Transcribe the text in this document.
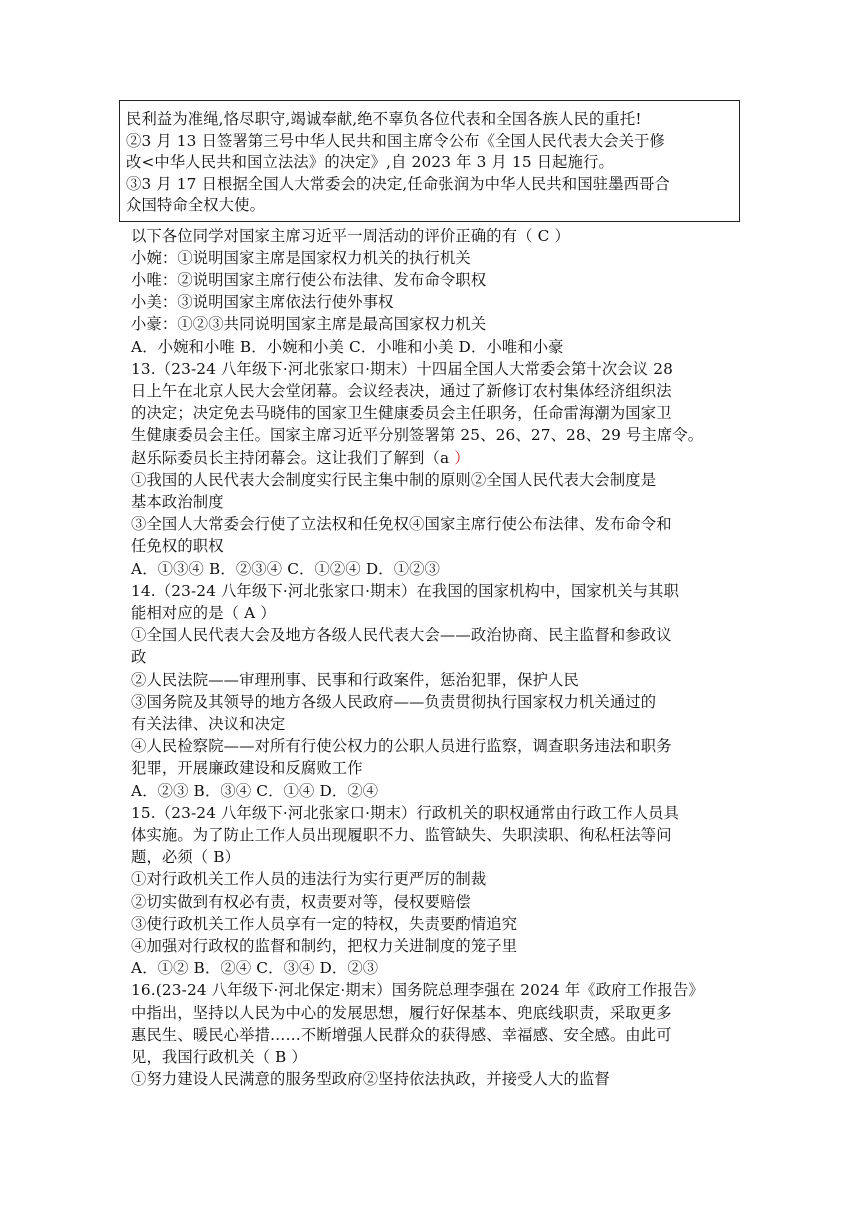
民利益为准绳,恪尽职守,竭诚奉献,绝不辜负各位代表和全国各族人民的重托!
②3 月 13 日签署第三号中华人民共和国主席令公布《全国人民代表大会关于修
改<中华人民共和国立法法》的决定》,自 2023 年 3 月 15 日起施行。
③3 月 17 日根据全国人大常委会的决定,任命张润为中华人民共和国驻墨西哥合
众国特命全权大使。
以下各位同学对国家主席习近平一周活动的评价正确的有（ C ）
小婉：①说明国家主席是国家权力机关的执行机关
小唯：②说明国家主席行使公布法律、发布命令职权
小美：③说明国家主席依法行使外事权
小豪：①②③共同说明国家主席是最高国家权力机关
A．小婉和小唯 B．小婉和小美 C．小唯和小美 D．小唯和小豪
13.（23-24 八年级下·河北张家口·期末）十四届全国人大常委会第十次会议 28
日上午在北京人民大会堂闭幕。会议经表决，通过了新修订农村集体经济组织法
的决定；决定免去马晓伟的国家卫生健康委员会主任职务，任命雷海潮为国家卫
生健康委员会主任。国家主席习近平分别签署第 25、26、27、28、29 号主席令。
赵乐际委员长主持闭幕会。这让我们了解到（a ）
①我国的人民代表大会制度实行民主集中制的原则②全国人民代表大会制度是
基本政治制度
③全国人大常委会行使了立法权和任免权④国家主席行使公布法律、发布命令和
任免权的职权
A．①③④ B．②③④ C．①②④ D．①②③
14.（23-24 八年级下·河北张家口·期末）在我国的国家机构中，国家机关与其职
能相对应的是（ A ）
①全国人民代表大会及地方各级人民代表大会——政治协商、民主监督和参政议
政
②人民法院——审理刑事、民事和行政案件，惩治犯罪，保护人民
③国务院及其领导的地方各级人民政府——负责贯彻执行国家权力机关通过的
有关法律、决议和决定
④人民检察院——对所有行使公权力的公职人员进行监察，调查职务违法和职务
犯罪，开展廉政建设和反腐败工作
A．②③ B．③④ C．①④ D．②④
15.（23-24 八年级下·河北张家口·期末）行政机关的职权通常由行政工作人员具
体实施。为了防止工作人员出现履职不力、监管缺失、失职渎职、徇私枉法等问
题，必须（ B）
①对行政机关工作人员的违法行为实行更严厉的制裁
②切实做到有权必有责，权责要对等，侵权要赔偿
③使行政机关工作人员享有一定的特权，失责要酌情追究
④加强对行政权的监督和制约，把权力关进制度的笼子里
A．①② B．②④ C．③④ D．②③
16.(23-24 八年级下·河北保定·期末）国务院总理李强在 2024 年《政府工作报告》
中指出，坚持以人民为中心的发展思想，履行好保基本、兜底线职责，采取更多
惠民生、暖民心举措……不断增强人民群众的获得感、幸福感、安全感。由此可
见，我国行政机关（ B ）
①努力建设人民满意的服务型政府②坚持依法执政，并接受人大的监督
